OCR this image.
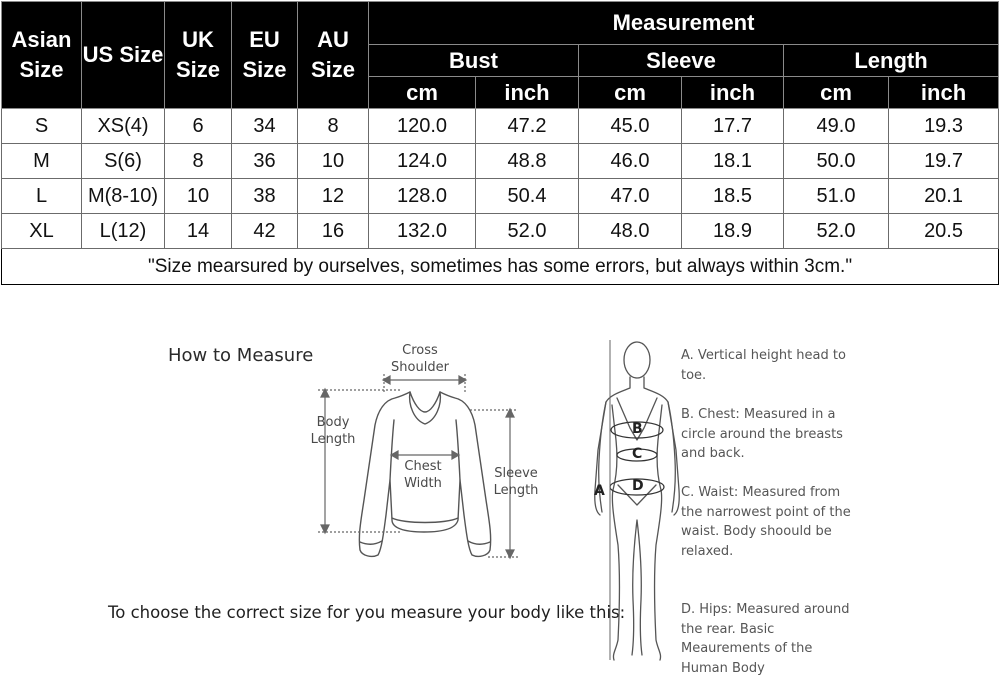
Asian Size	US Size	UK Size	EU Size	AU Size	Measurement					
					Bust		Sleeve		Length	
					cm	inch	cm	inch	cm	inch
S	XS(4)	6	34	8	120.0	47.2	45.0	17.7	49.0	19.3
M	S(6)	8	36	10	124.0	48.8	46.0	18.1	50.0	19.7
L	M(8-10)	10	38	12	128.0	50.4	47.0	18.5	51.0	20.1
XL	L(12)	14	42	16	132.0	52.0	48.0	18.9	52.0	20.5
"Size mearsured by ourselves, sometimes has some errors, but always within 3cm."										
How to Measure	Cross Shoulder
Body Length
Chest Width
Sleeve Length
To choose the correct size for you measure your body like this:
B
C
D
A
A. Vertical height head to toe.
B. Chest: Measured in a circle around the breasts and back.
C. Waist: Measured from the narrowest point of the waist. Body shoould be relaxed.
D. Hips: Measured around the rear. Basic Meaurements of the Human Body
